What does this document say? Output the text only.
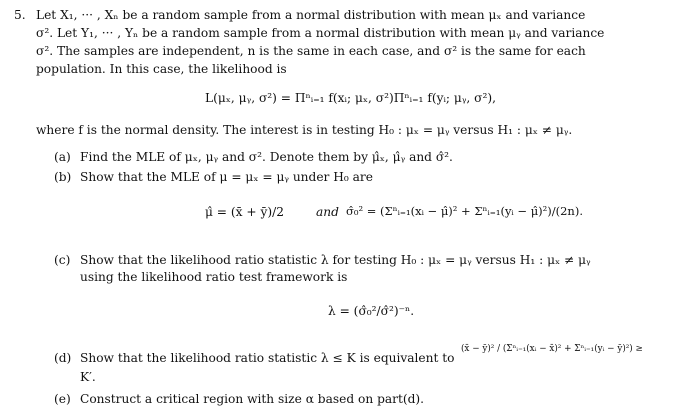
5. Let X₁, ··· , Xₙ be a random sample from a normal distribution with mean μₓ and variance
σ². Let Y₁, ··· , Yₙ be a random sample from a normal distribution with mean μᵧ and variance
σ². The samples are independent, n is the same in each case, and σ² is the same for each
population. In this case, the likelihood is
L(μₓ, μᵧ, σ²) = Πⁿᵢ₌₁ f(xᵢ; μₓ, σ²)Πⁿᵢ₌₁ f(yᵢ; μᵧ, σ²),
where f is the normal density. The interest is in testing H₀ : μₓ = μᵧ versus H₁ : μₓ ≠ μᵧ.
(a) Find the MLE of μₓ, μᵧ and σ². Denote them by μ̂ₓ, μ̂ᵧ and σ̂².
(b) Show that the MLE of μ = μₓ = μᵧ under H₀ are
μ̂ = (x̄ + ȳ)/2	and σ̂₀² = (Σⁿᵢ₌₁(xᵢ − μ̂)² + Σⁿᵢ₌₁(yᵢ − μ̂)²)/(2n).
(c) Show that the likelihood ratio statistic λ for testing H₀ : μₓ = μᵧ versus H₁ : μₓ ≠ μᵧ
using the likelihood ratio test framework is
λ = (σ̂₀²/σ̂²)⁻ⁿ.
(d) Show that the likelihood ratio statistic λ ≤ K is equivalent to
(x̄ − ȳ)² / (Σⁿᵢ₌₁(xᵢ − x̄)² + Σⁿᵢ₌₁(yᵢ − ȳ)²) ≥
K′.
(e) Construct a critical region with size α based on part(d).
